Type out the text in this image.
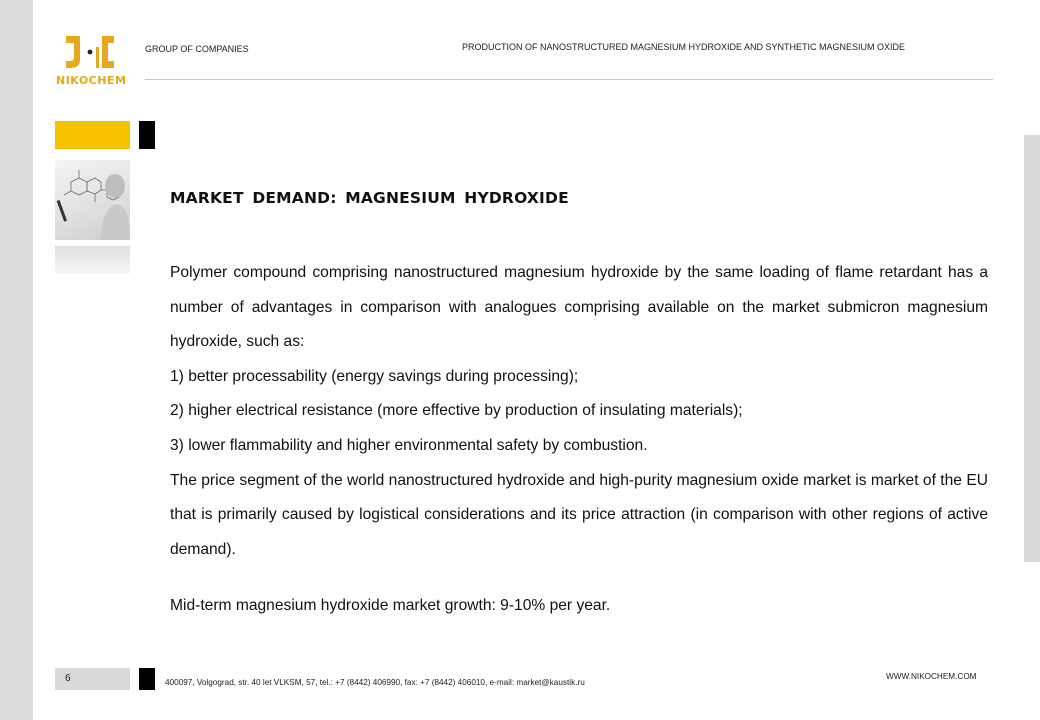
NIKOCHEM
GROUP OF COMPANIES	PRODUCTION OF NANOSTRUCTURED MAGNESIUM HYDROXIDE AND SYNTHETIC MAGNESIUM OXIDE
MARKET DEMAND: MAGNESIUM HYDROXIDE

Polymer compound comprising nanostructured magnesium hydroxide by the same loading of flame retardant has a number of advantages in comparison with analogues comprising available on the market submicron magnesium hydroxide, such as:

1) better processability (energy savings during processing);

2) higher electrical resistance (more effective by production of insulating materials);

3) lower flammability and higher environmental safety by combustion.

The price segment of the world nanostructured hydroxide and high-purity magnesium oxide market is market of the EU that is primarily caused by logistical considerations and its price attraction (in comparison with other regions of active demand).

Mid-term magnesium hydroxide market growth: 9-10% per year.

6	400097, Volgograd, str. 40 let VLKSM, 57, tel.: +7 (8442) 406990, fax: +7 (8442) 406010, e-mail: market@kaustik.ru
WWW.NIKOCHEM.COM
